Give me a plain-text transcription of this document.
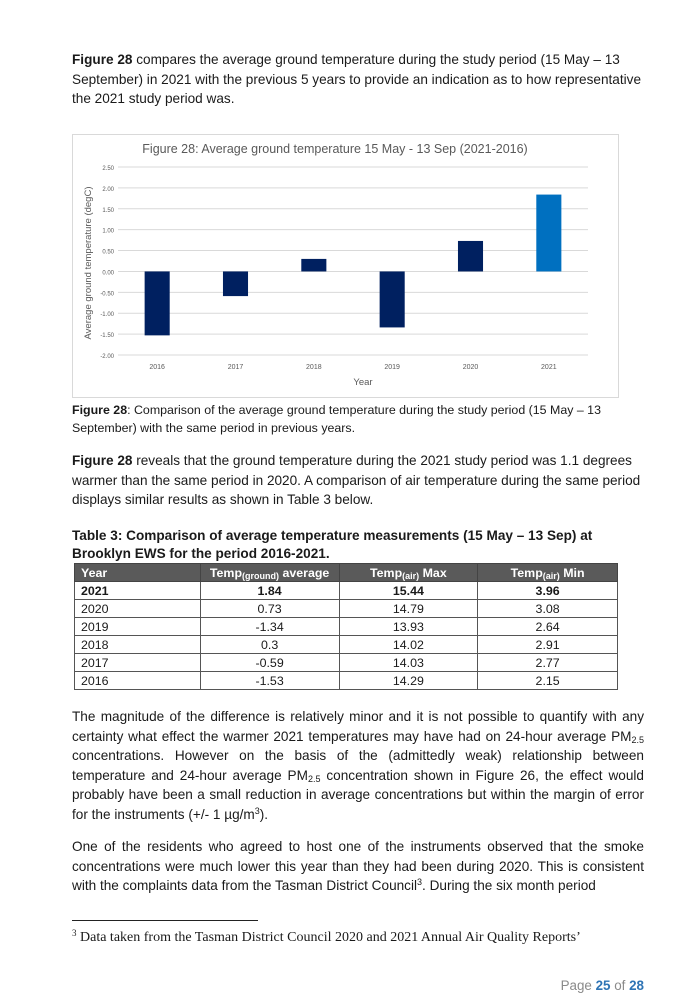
Figure 28 compares the average ground temperature during the study period (15 May – 13 September) in 2021 with the previous 5 years to provide an indication as to how representative the 2021 study period was.

Figure 28: Average ground temperature 15 May - 13 Sep (2021-2016)
Average ground temperature (degC)
Year
2.50
2.00
1.50
1.00
0.50
0.00
-0.50
-1.00
-1.50
-2.00
2016	2017	2018	2019	2020	2021

Figure 28: Comparison of the average ground temperature during the study period (15 May – 13 September) with the same period in previous years.

Figure 28 reveals that the ground temperature during the 2021 study period was 1.1 degrees warmer than the same period in 2020. A comparison of air temperature during the same period displays similar results as shown in Table 3 below.

Table 3: Comparison of average temperature measurements (15 May – 13 Sep) at Brooklyn EWS for the period 2016-2021.

Year	Temp$_{(ground)}$ average	Temp$_{(air)}$ Max	Temp$_{(air)}$ Min
2021	1.84	15.44	3.96
2020	0.73	14.79	3.08
2019	-1.34	13.93	2.64
2018	0.3	14.02	2.91
2017	-0.59	14.03	2.77
2016	-1.53	14.29	2.15

The magnitude of the difference is relatively minor and it is not possible to quantify with any certainty what effect the warmer 2021 temperatures may have had on 24-hour average $PM_{2.5}$ concentrations. However on the basis of the (admittedly weak) relationship between temperature and 24-hour average $PM_{2.5}$ concentration shown in Figure 26, the effect would probably have been a small reduction in average concentrations but within the margin of error for the instruments (+/- 1 $\mu g/m^3$).

One of the residents who agreed to host one of the instruments observed that the smoke concentrations were much lower this year than they had been during 2020. This is consistent with the complaints data from the Tasman District Council$^3$. During the six month period

$^3$ Data taken from the Tasman District Council 2020 and 2021 Annual Air Quality Reports’

Page 25 of 28
